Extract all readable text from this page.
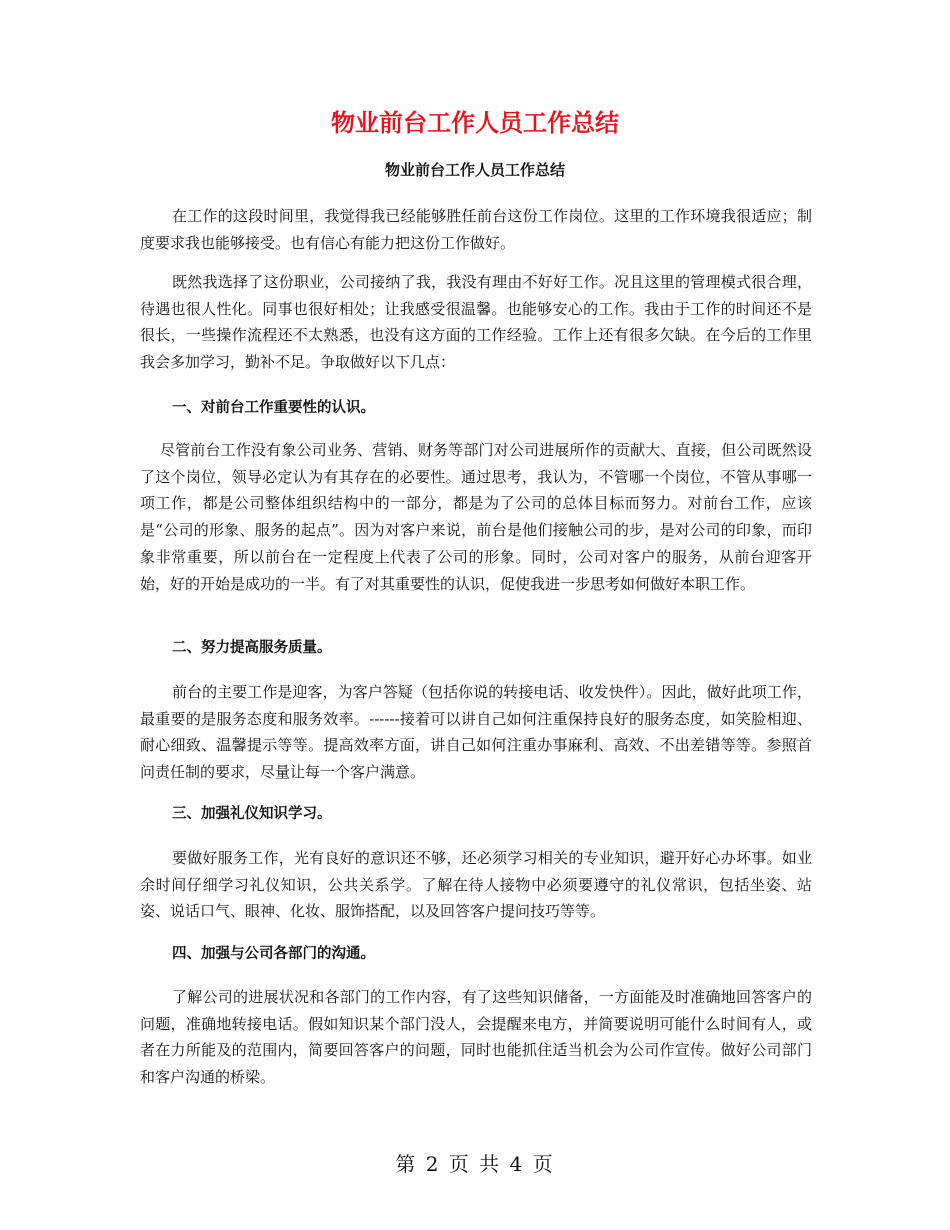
物业前台工作人员工作总结
物业前台工作人员工作总结

在工作的这段时间里，我觉得我已经能够胜任前台这份工作岗位。这里的工作环境我很适应；制度要求我也能够接受。也有信心有能力把这份工作做好。

既然我选择了这份职业，公司接纳了我，我没有理由不好好工作。况且这里的管理模式很合理，待遇也很人性化。同事也很好相处；让我感受很温馨。也能够安心的工作。我由于工作的时间还不是很长，一些操作流程还不太熟悉，也没有这方面的工作经验。工作上还有很多欠缺。在今后的工作里我会多加学习，勤补不足。争取做好以下几点：

一、对前台工作重要性的认识。

尽管前台工作没有象公司业务、营销、财务等部门对公司进展所作的贡献大、直接，但公司既然设了这个岗位，领导必定认为有其存在的必要性。通过思考，我认为，不管哪一个岗位，不管从事哪一项工作，都是公司整体组织结构中的一部分，都是为了公司的总体目标而努力。对前台工作，应该是“公司的形象、服务的起点”。因为对客户来说，前台是他们接触公司的步，是对公司的印象，而印象非常重要，所以前台在一定程度上代表了公司的形象。同时，公司对客户的服务，从前台迎客开始，好的开始是成功的一半。有了对其重要性的认识，促使我进一步思考如何做好本职工作。

二、努力提高服务质量。

前台的主要工作是迎客，为客户答疑（包括你说的转接电话、收发快件）。因此，做好此项工作，最重要的是服务态度和服务效率。------接着可以讲自己如何注重保持良好的服务态度，如笑脸相迎、耐心细致、温馨提示等等。提高效率方面，讲自己如何注重办事麻利、高效、不出差错等等。参照首问责任制的要求，尽量让每一个客户满意。

三、加强礼仪知识学习。

要做好服务工作，光有良好的意识还不够，还必须学习相关的专业知识，避开好心办坏事。如业余时间仔细学习礼仪知识，公共关系学。了解在待人接物中必须要遵守的礼仪常识，包括坐姿、站姿、说话口气、眼神、化妆、服饰搭配，以及回答客户提问技巧等等。

四、加强与公司各部门的沟通。

了解公司的进展状况和各部门的工作内容，有了这些知识储备，一方面能及时准确地回答客户的问题，准确地转接电话。假如知识某个部门没人，会提醒来电方，并简要说明可能什么时间有人，或者在力所能及的范围内，简要回答客户的问题，同时也能抓住适当机会为公司作宣传。做好公司部门和客户沟通的桥梁。

第 2 页 共 4 页
